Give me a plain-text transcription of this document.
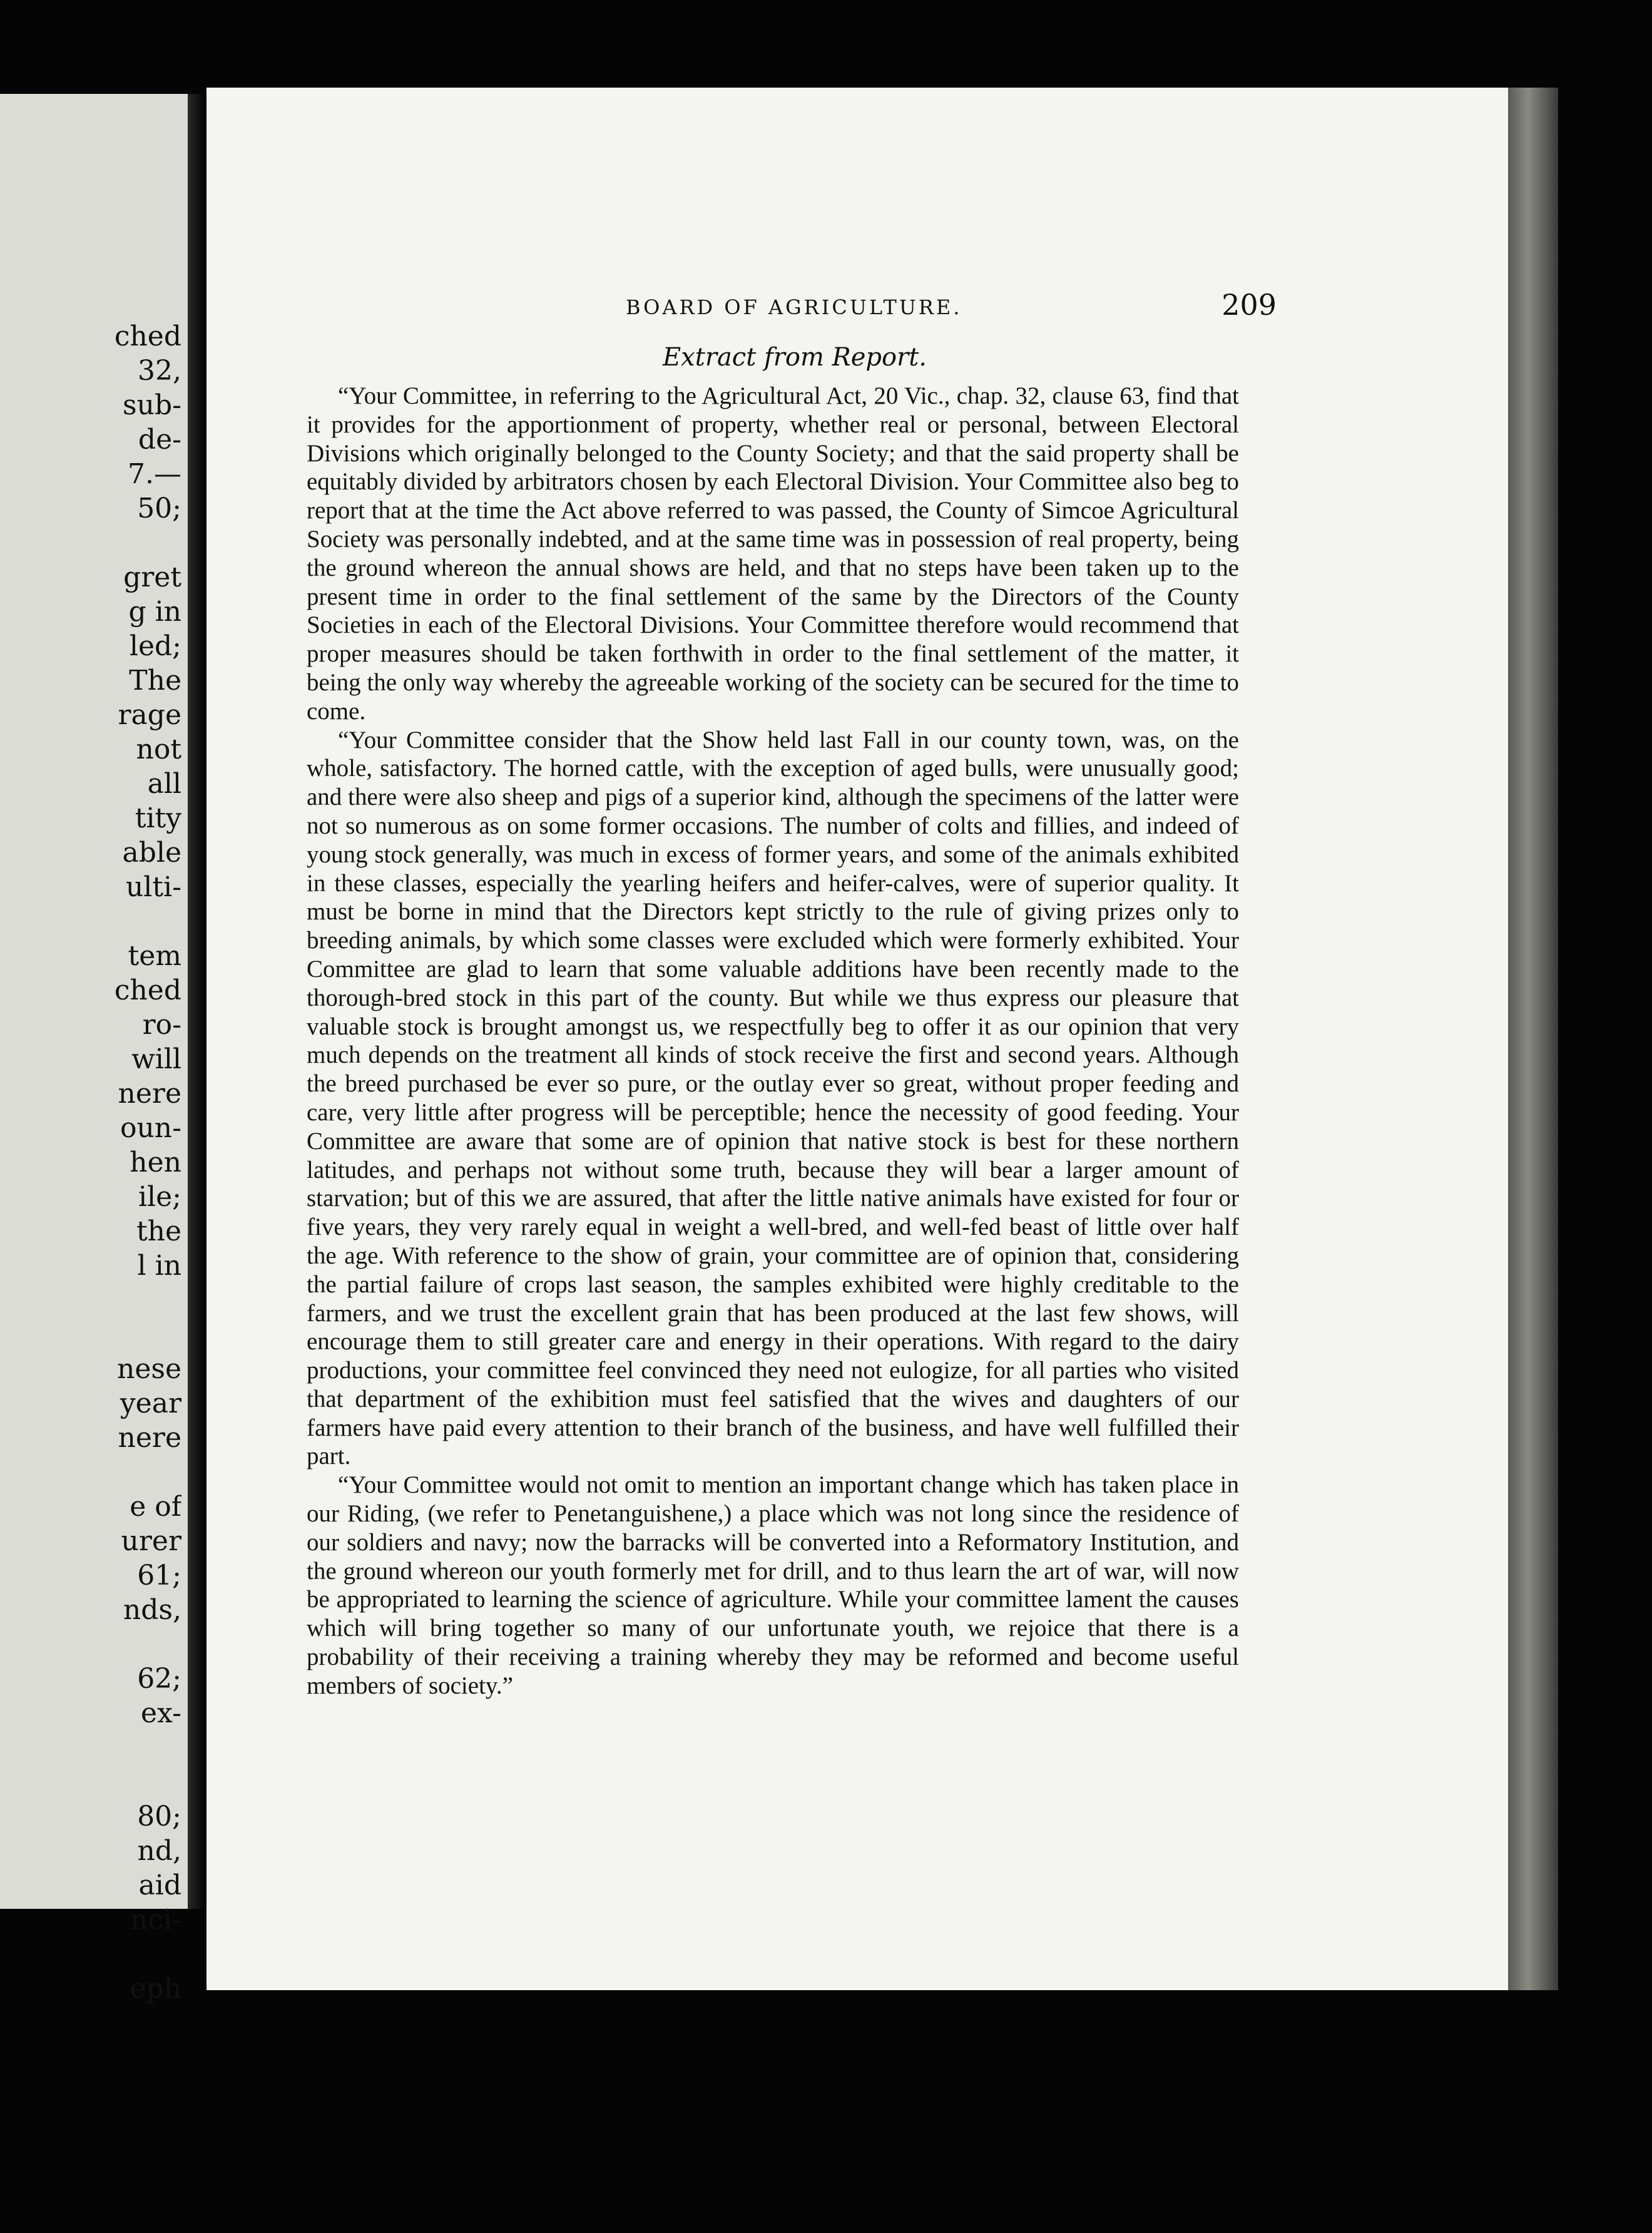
ched
32,
sub-
de-
7.—
50;
gret
g in
led;
The
rage
not
all
tity
able
ulti-
tem
ched
ro-
will
nere
oun-
hen
ile;
the
l in
nese
year
nere
e of
urer
61;
nds,
62;
ex-
80;
nd,
aid
nci-
eph
BOARD OF AGRICULTURE.	209
Extract from Report.

“Your Committee, in referring to the Agricultural Act, 20 Vic., chap. 32, clause 63, find that it provides for the apportionment of property, whether real or personal, between Electoral Divisions which originally belonged to the County Society; and that the said property shall be equitably divided by arbitrators chosen by each Electoral Division. Your Committee also beg to report that at the time the Act above referred to was passed, the County of Simcoe Agricultural Society was personally indebted, and at the same time was in possession of real property, being the ground whereon the annual shows are held, and that no steps have been taken up to the present time in order to the final settlement of the same by the Directors of the County Societies in each of the Electoral Divisions. Your Committee therefore would recommend that proper measures should be taken forthwith in order to the final settlement of the matter, it being the only way whereby the agreeable working of the society can be secured for the time to come.

“Your Committee consider that the Show held last Fall in our county town, was, on the whole, satisfactory. The horned cattle, with the exception of aged bulls, were unusually good; and there were also sheep and pigs of a superior kind, although the specimens of the latter were not so numerous as on some former occasions. The number of colts and fillies, and indeed of young stock generally, was much in excess of former years, and some of the animals exhibited in these classes, especially the yearling heifers and heifer-calves, were of superior quality. It must be borne in mind that the Directors kept strictly to the rule of giving prizes only to breeding animals, by which some classes were excluded which were formerly exhibited. Your Committee are glad to learn that some valuable additions have been recently made to the thorough-bred stock in this part of the county. But while we thus express our pleasure that valuable stock is brought amongst us, we respectfully beg to offer it as our opinion that very much depends on the treatment all kinds of stock receive the first and second years. Although the breed purchased be ever so pure, or the outlay ever so great, without proper feeding and care, very little after progress will be perceptible; hence the necessity of good feeding. Your Committee are aware that some are of opinion that native stock is best for these northern latitudes, and perhaps not without some truth, because they will bear a larger amount of starvation; but of this we are assured, that after the little native animals have existed for four or five years, they very rarely equal in weight a well-bred, and well-fed beast of little over half the age. With reference to the show of grain, your committee are of opinion that, considering the partial failure of crops last season, the samples exhibited were highly creditable to the farmers, and we trust the excellent grain that has been produced at the last few shows, will encourage them to still greater care and energy in their operations. With regard to the dairy productions, your committee feel convinced they need not eulogize, for all parties who visited that department of the exhibition must feel satisfied that the wives and daughters of our farmers have paid every attention to their branch of the business, and have well fulfilled their part.

“Your Committee would not omit to mention an important change which has taken place in our Riding, (we refer to Penetanguishene,) a place which was not long since the residence of our soldiers and navy; now the barracks will be converted into a Reformatory Institution, and the ground whereon our youth formerly met for drill, and to thus learn the art of war, will now be appropriated to learning the science of agriculture. While your committee lament the causes which will bring together so many of our unfortunate youth, we rejoice that there is a probability of their receiving a training whereby they may be reformed and become useful members of society.”
